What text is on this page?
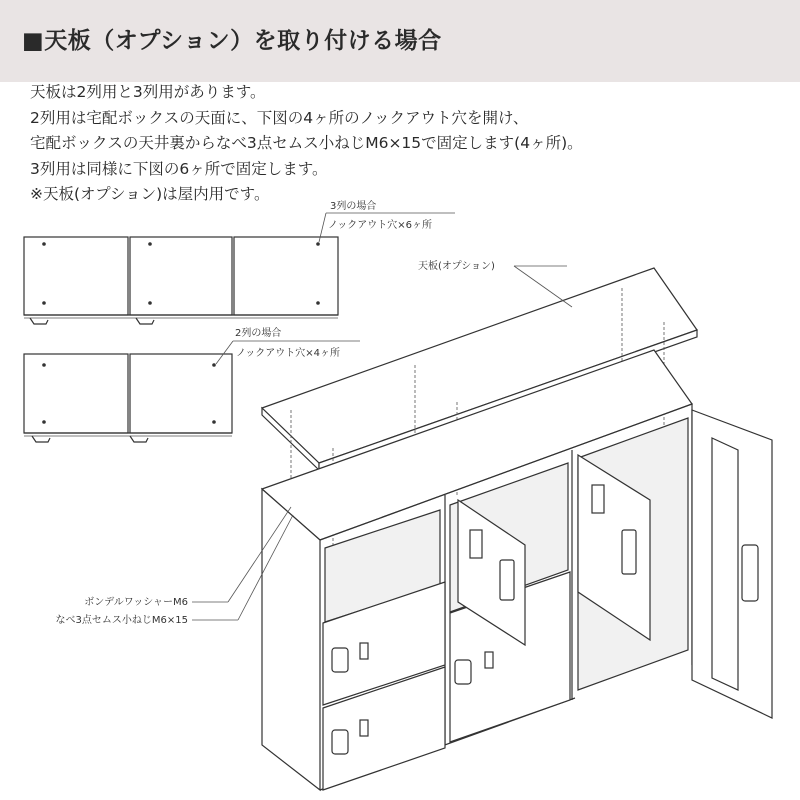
■天板（オプション）を取り付ける場合

天板は2列用と3列用があります。

2列用は宅配ボックスの天面に、下図の4ヶ所のノックアウト穴を開け、

宅配ボックスの天井裏からなべ3点セムス小ねじM6×15で固定します(4ヶ所)。

3列用は同様に下図の6ヶ所で固定します。

※天板(オプション)は屋内用です。

3列の場合
ノックアウト穴×6ヶ所
2列の場合
ノックアウト穴×4ヶ所
天板(オプション)
ボンデルワッシャーM6
なべ3点セムス小ねじM6×15
